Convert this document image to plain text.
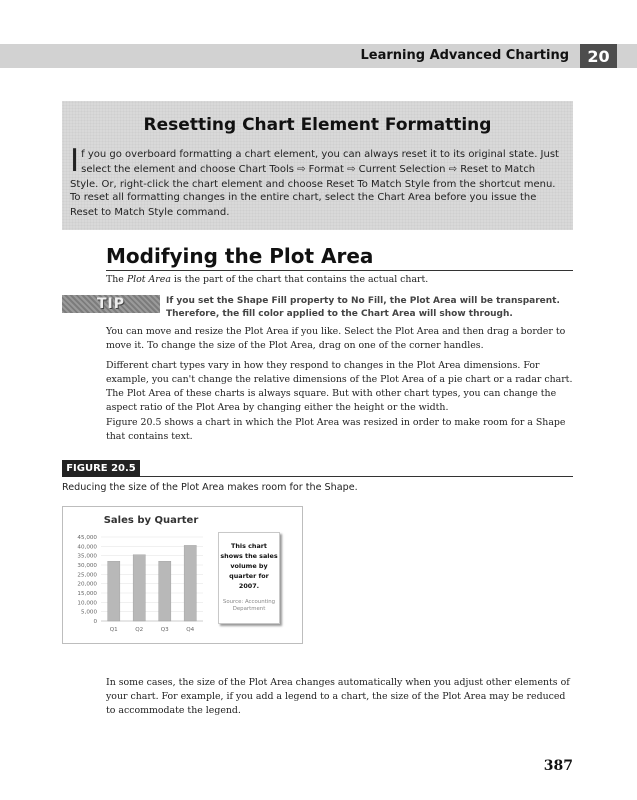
Learning Advanced Charting	20
Resetting Chart Element Formatting
If you go overboard formatting a chart element, you can always reset it to its original state. Just select the element and choose Chart Tools ⇨ Format ⇨ Current Selection ⇨ Reset to Match Style. Or, right-click the chart element and choose Reset To Match Style from the shortcut menu.
To reset all formatting changes in the entire chart, select the Chart Area before you issue the Reset to Match Style command.
Modifying the Plot Area
The Plot Area is the part of the chart that contains the actual chart.
TIP	If you set the Shape Fill property to No Fill, the Plot Area will be transparent. Therefore, the fill color applied to the Chart Area will show through.
You can move and resize the Plot Area if you like. Select the Plot Area and then drag a border to move it. To change the size of the Plot Area, drag on one of the corner handles.
Different chart types vary in how they respond to changes in the Plot Area dimensions. For example, you can't change the relative dimensions of the Plot Area of a pie chart or a radar chart. The Plot Area of these charts is always square. But with other chart types, you can change the aspect ratio of the Plot Area by changing either the height or the width.
Figure 20.5 shows a chart in which the Plot Area was resized in order to make room for a Shape that contains text.
FIGURE 20.5
Reducing the size of the Plot Area makes room for the Shape.
Sales by Quarter
0
5,000
10,000
15,000
20,000
25,000
30,000
35,000
40,000
45,000
Q1	Q2	Q3	Q4
This chart shows the sales volume by quarter for 2007.
Source: Accounting Department
In some cases, the size of the Plot Area changes automatically when you adjust other elements of your chart. For example, if you add a legend to a chart, the size of the Plot Area may be reduced to accommodate the legend.
387
